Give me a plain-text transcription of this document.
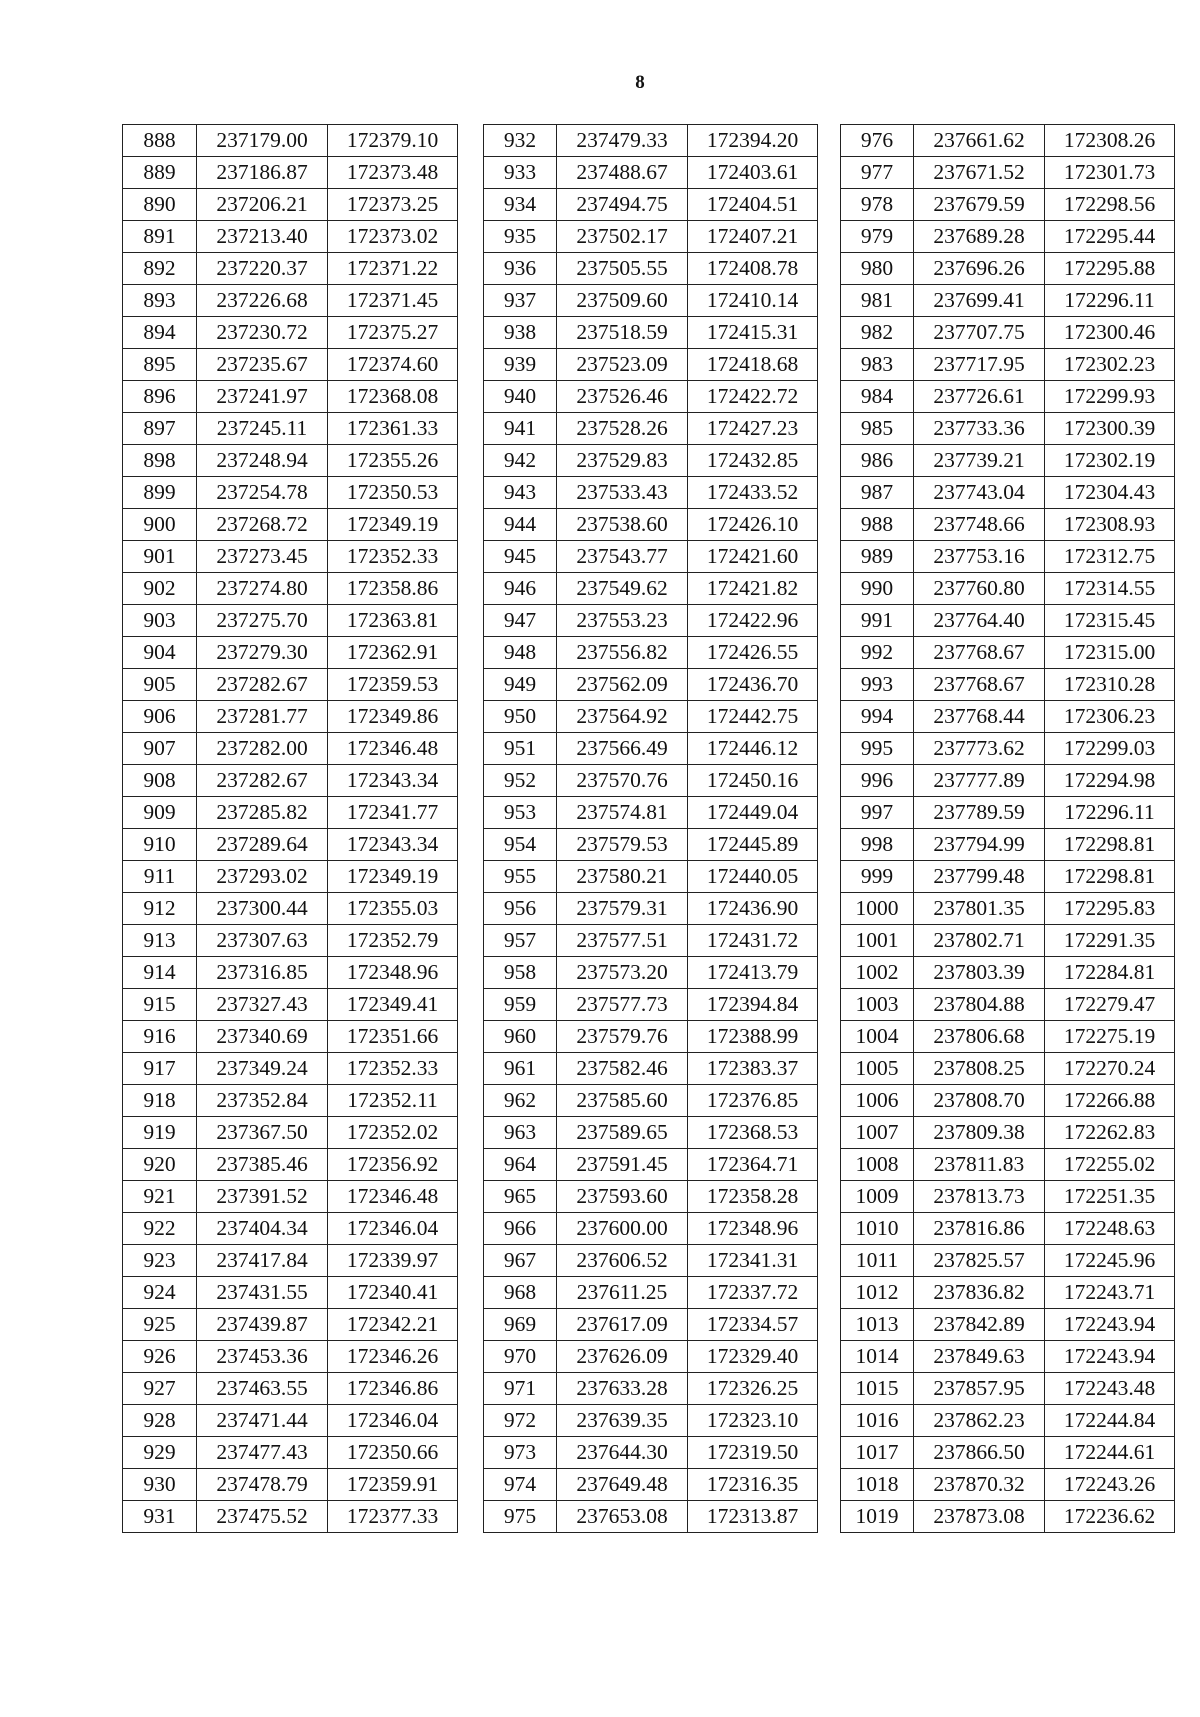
8
888	237179.00	172379.10
889	237186.87	172373.48
890	237206.21	172373.25
891	237213.40	172373.02
892	237220.37	172371.22
893	237226.68	172371.45
894	237230.72	172375.27
895	237235.67	172374.60
896	237241.97	172368.08
897	237245.11	172361.33
898	237248.94	172355.26
899	237254.78	172350.53
900	237268.72	172349.19
901	237273.45	172352.33
902	237274.80	172358.86
903	237275.70	172363.81
904	237279.30	172362.91
905	237282.67	172359.53
906	237281.77	172349.86
907	237282.00	172346.48
908	237282.67	172343.34
909	237285.82	172341.77
910	237289.64	172343.34
911	237293.02	172349.19
912	237300.44	172355.03
913	237307.63	172352.79
914	237316.85	172348.96
915	237327.43	172349.41
916	237340.69	172351.66
917	237349.24	172352.33
918	237352.84	172352.11
919	237367.50	172352.02
920	237385.46	172356.92
921	237391.52	172346.48
922	237404.34	172346.04
923	237417.84	172339.97
924	237431.55	172340.41
925	237439.87	172342.21
926	237453.36	172346.26
927	237463.55	172346.86
928	237471.44	172346.04
929	237477.43	172350.66
930	237478.79	172359.91
931	237475.52	172377.33
932	237479.33	172394.20
933	237488.67	172403.61
934	237494.75	172404.51
935	237502.17	172407.21
936	237505.55	172408.78
937	237509.60	172410.14
938	237518.59	172415.31
939	237523.09	172418.68
940	237526.46	172422.72
941	237528.26	172427.23
942	237529.83	172432.85
943	237533.43	172433.52
944	237538.60	172426.10
945	237543.77	172421.60
946	237549.62	172421.82
947	237553.23	172422.96
948	237556.82	172426.55
949	237562.09	172436.70
950	237564.92	172442.75
951	237566.49	172446.12
952	237570.76	172450.16
953	237574.81	172449.04
954	237579.53	172445.89
955	237580.21	172440.05
956	237579.31	172436.90
957	237577.51	172431.72
958	237573.20	172413.79
959	237577.73	172394.84
960	237579.76	172388.99
961	237582.46	172383.37
962	237585.60	172376.85
963	237589.65	172368.53
964	237591.45	172364.71
965	237593.60	172358.28
966	237600.00	172348.96
967	237606.52	172341.31
968	237611.25	172337.72
969	237617.09	172334.57
970	237626.09	172329.40
971	237633.28	172326.25
972	237639.35	172323.10
973	237644.30	172319.50
974	237649.48	172316.35
975	237653.08	172313.87
976	237661.62	172308.26
977	237671.52	172301.73
978	237679.59	172298.56
979	237689.28	172295.44
980	237696.26	172295.88
981	237699.41	172296.11
982	237707.75	172300.46
983	237717.95	172302.23
984	237726.61	172299.93
985	237733.36	172300.39
986	237739.21	172302.19
987	237743.04	172304.43
988	237748.66	172308.93
989	237753.16	172312.75
990	237760.80	172314.55
991	237764.40	172315.45
992	237768.67	172315.00
993	237768.67	172310.28
994	237768.44	172306.23
995	237773.62	172299.03
996	237777.89	172294.98
997	237789.59	172296.11
998	237794.99	172298.81
999	237799.48	172298.81
1000	237801.35	172295.83
1001	237802.71	172291.35
1002	237803.39	172284.81
1003	237804.88	172279.47
1004	237806.68	172275.19
1005	237808.25	172270.24
1006	237808.70	172266.88
1007	237809.38	172262.83
1008	237811.83	172255.02
1009	237813.73	172251.35
1010	237816.86	172248.63
1011	237825.57	172245.96
1012	237836.82	172243.71
1013	237842.89	172243.94
1014	237849.63	172243.94
1015	237857.95	172243.48
1016	237862.23	172244.84
1017	237866.50	172244.61
1018	237870.32	172243.26
1019	237873.08	172236.62
